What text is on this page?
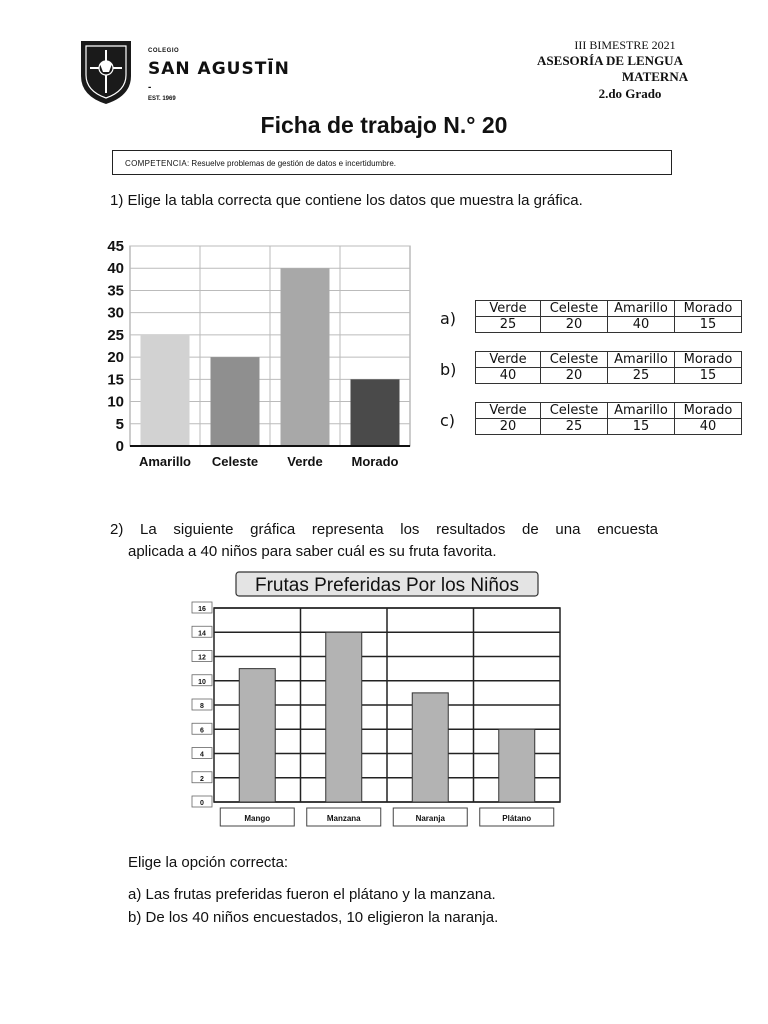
COLEGIO
SAN AGUSTĪN
-
EST. 1969
III BIMESTRE 2021
ASESORÍA DE LENGUA
MATERNA
2.do Grado
Ficha de trabajo N.° 20
COMPETENCIA: Resuelve problemas de gestión de datos e incertidumbre.
1) Elige la tabla correcta que contiene los datos que muestra la gráfica.
0
5
10
15
20
25
30
35
40
45
Amarillo Celeste Verde Morado
a)
Verde	Celeste	Amarillo	Morado
25	20	40	15
b)
Verde	Celeste	Amarillo	Morado
40	20	25	15
c)
Verde	Celeste	Amarillo	Morado
20	25	15	40
2) La siguiente gráfica representa los resultados de una encuesta
aplicada a 40 niños para saber cuál es su fruta favorita.
Frutas Preferidas Por los Niños
0
2
4
6
8
10
12
14
16
Mango	Manzana	Naranja	Plátano
Elige la opción correcta:
a) Las frutas preferidas fueron el plátano y la manzana.
b) De los 40 niños encuestados, 10 eligieron la naranja.
